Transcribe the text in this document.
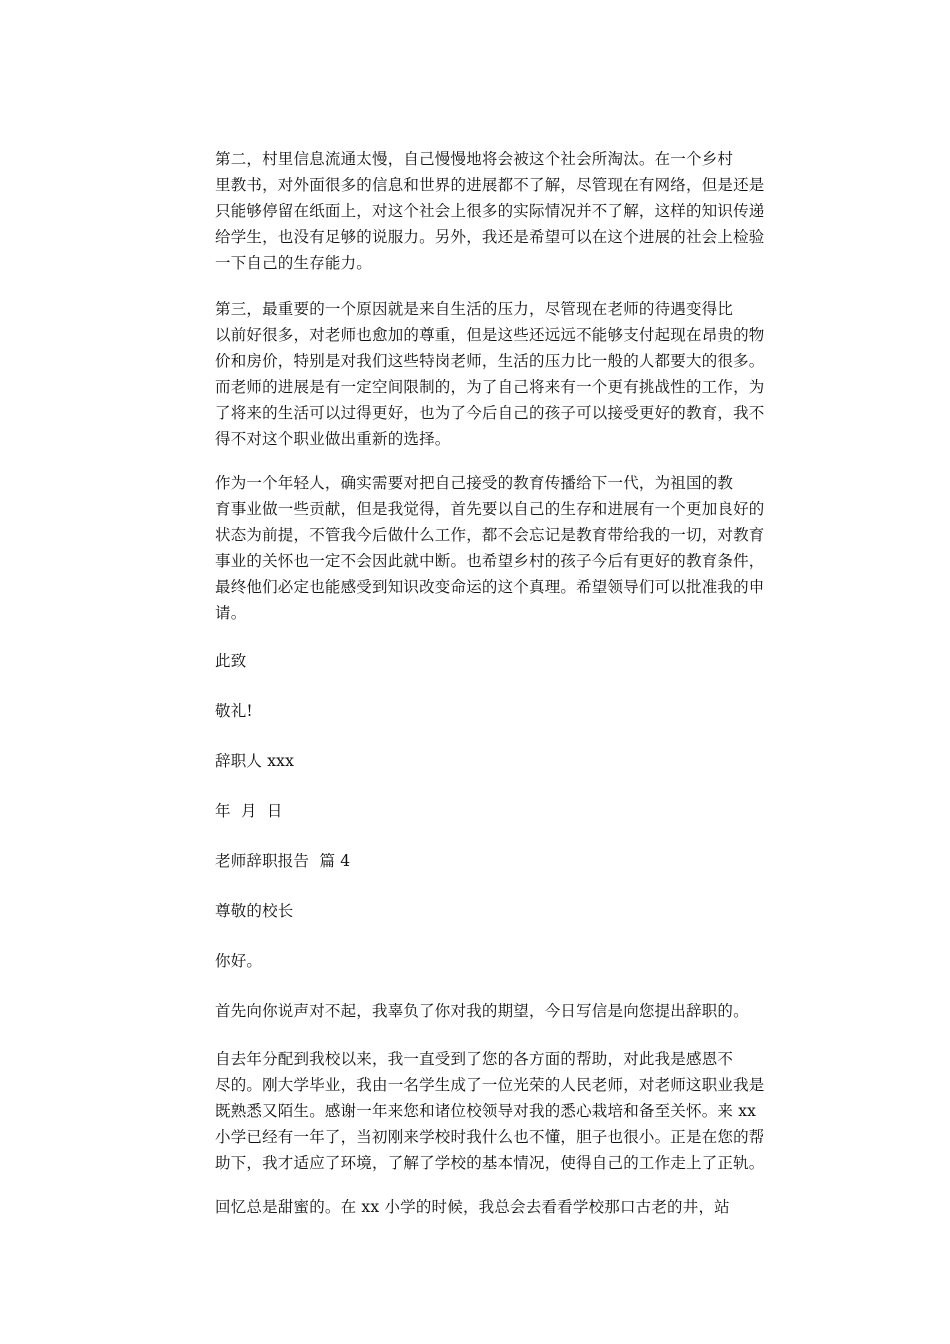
第二，村里信息流通太慢，自己慢慢地将会被这个社会所淘汰。在一个乡村
里教书，对外面很多的信息和世界的进展都不了解，尽管现在有网络，但是还是
只能够停留在纸面上，对这个社会上很多的实际情况并不了解，这样的知识传递
给学生，也没有足够的说服力。另外，我还是希望可以在这个进展的社会上检验
一下自己的生存能力。
第三，最重要的一个原因就是来自生活的压力，尽管现在老师的待遇变得比
以前好很多，对老师也愈加的尊重，但是这些还远远不能够支付起现在昂贵的物
价和房价，特别是对我们这些特岗老师，生活的压力比一般的人都要大的很多。
而老师的进展是有一定空间限制的，为了自己将来有一个更有挑战性的工作，为
了将来的生活可以过得更好，也为了今后自己的孩子可以接受更好的教育，我不
得不对这个职业做出重新的选择。
作为一个年轻人，确实需要对把自己接受的教育传播给下一代，为祖国的教
育事业做一些贡献，但是我觉得，首先要以自己的生存和进展有一个更加良好的
状态为前提，不管我今后做什么工作，都不会忘记是教育带给我的一切，对教育
事业的关怀也一定不会因此就中断。也希望乡村的孩子今后有更好的教育条件，
最终他们必定也能感受到知识改变命运的这个真理。希望领导们可以批准我的申
请。

此致

敬礼!

辞职人 xxx

年  月  日

老师辞职报告  篇 4

尊敬的校长

你好。

首先向你说声对不起，我辜负了你对我的期望，今日写信是向您提出辞职的。
自去年分配到我校以来，我一直受到了您的各方面的帮助，对此我是感恩不
尽的。刚大学毕业，我由一名学生成了一位光荣的人民老师，对老师这职业我是
既熟悉又陌生。感谢一年来您和诸位校领导对我的悉心栽培和备至关怀。来 xx
小学已经有一年了，当初刚来学校时我什么也不懂，胆子也很小。正是在您的帮
助下，我才适应了环境，了解了学校的基本情况，使得自己的工作走上了正轨。
回忆总是甜蜜的。在 xx 小学的时候，我总会去看看学校那口古老的井，站
